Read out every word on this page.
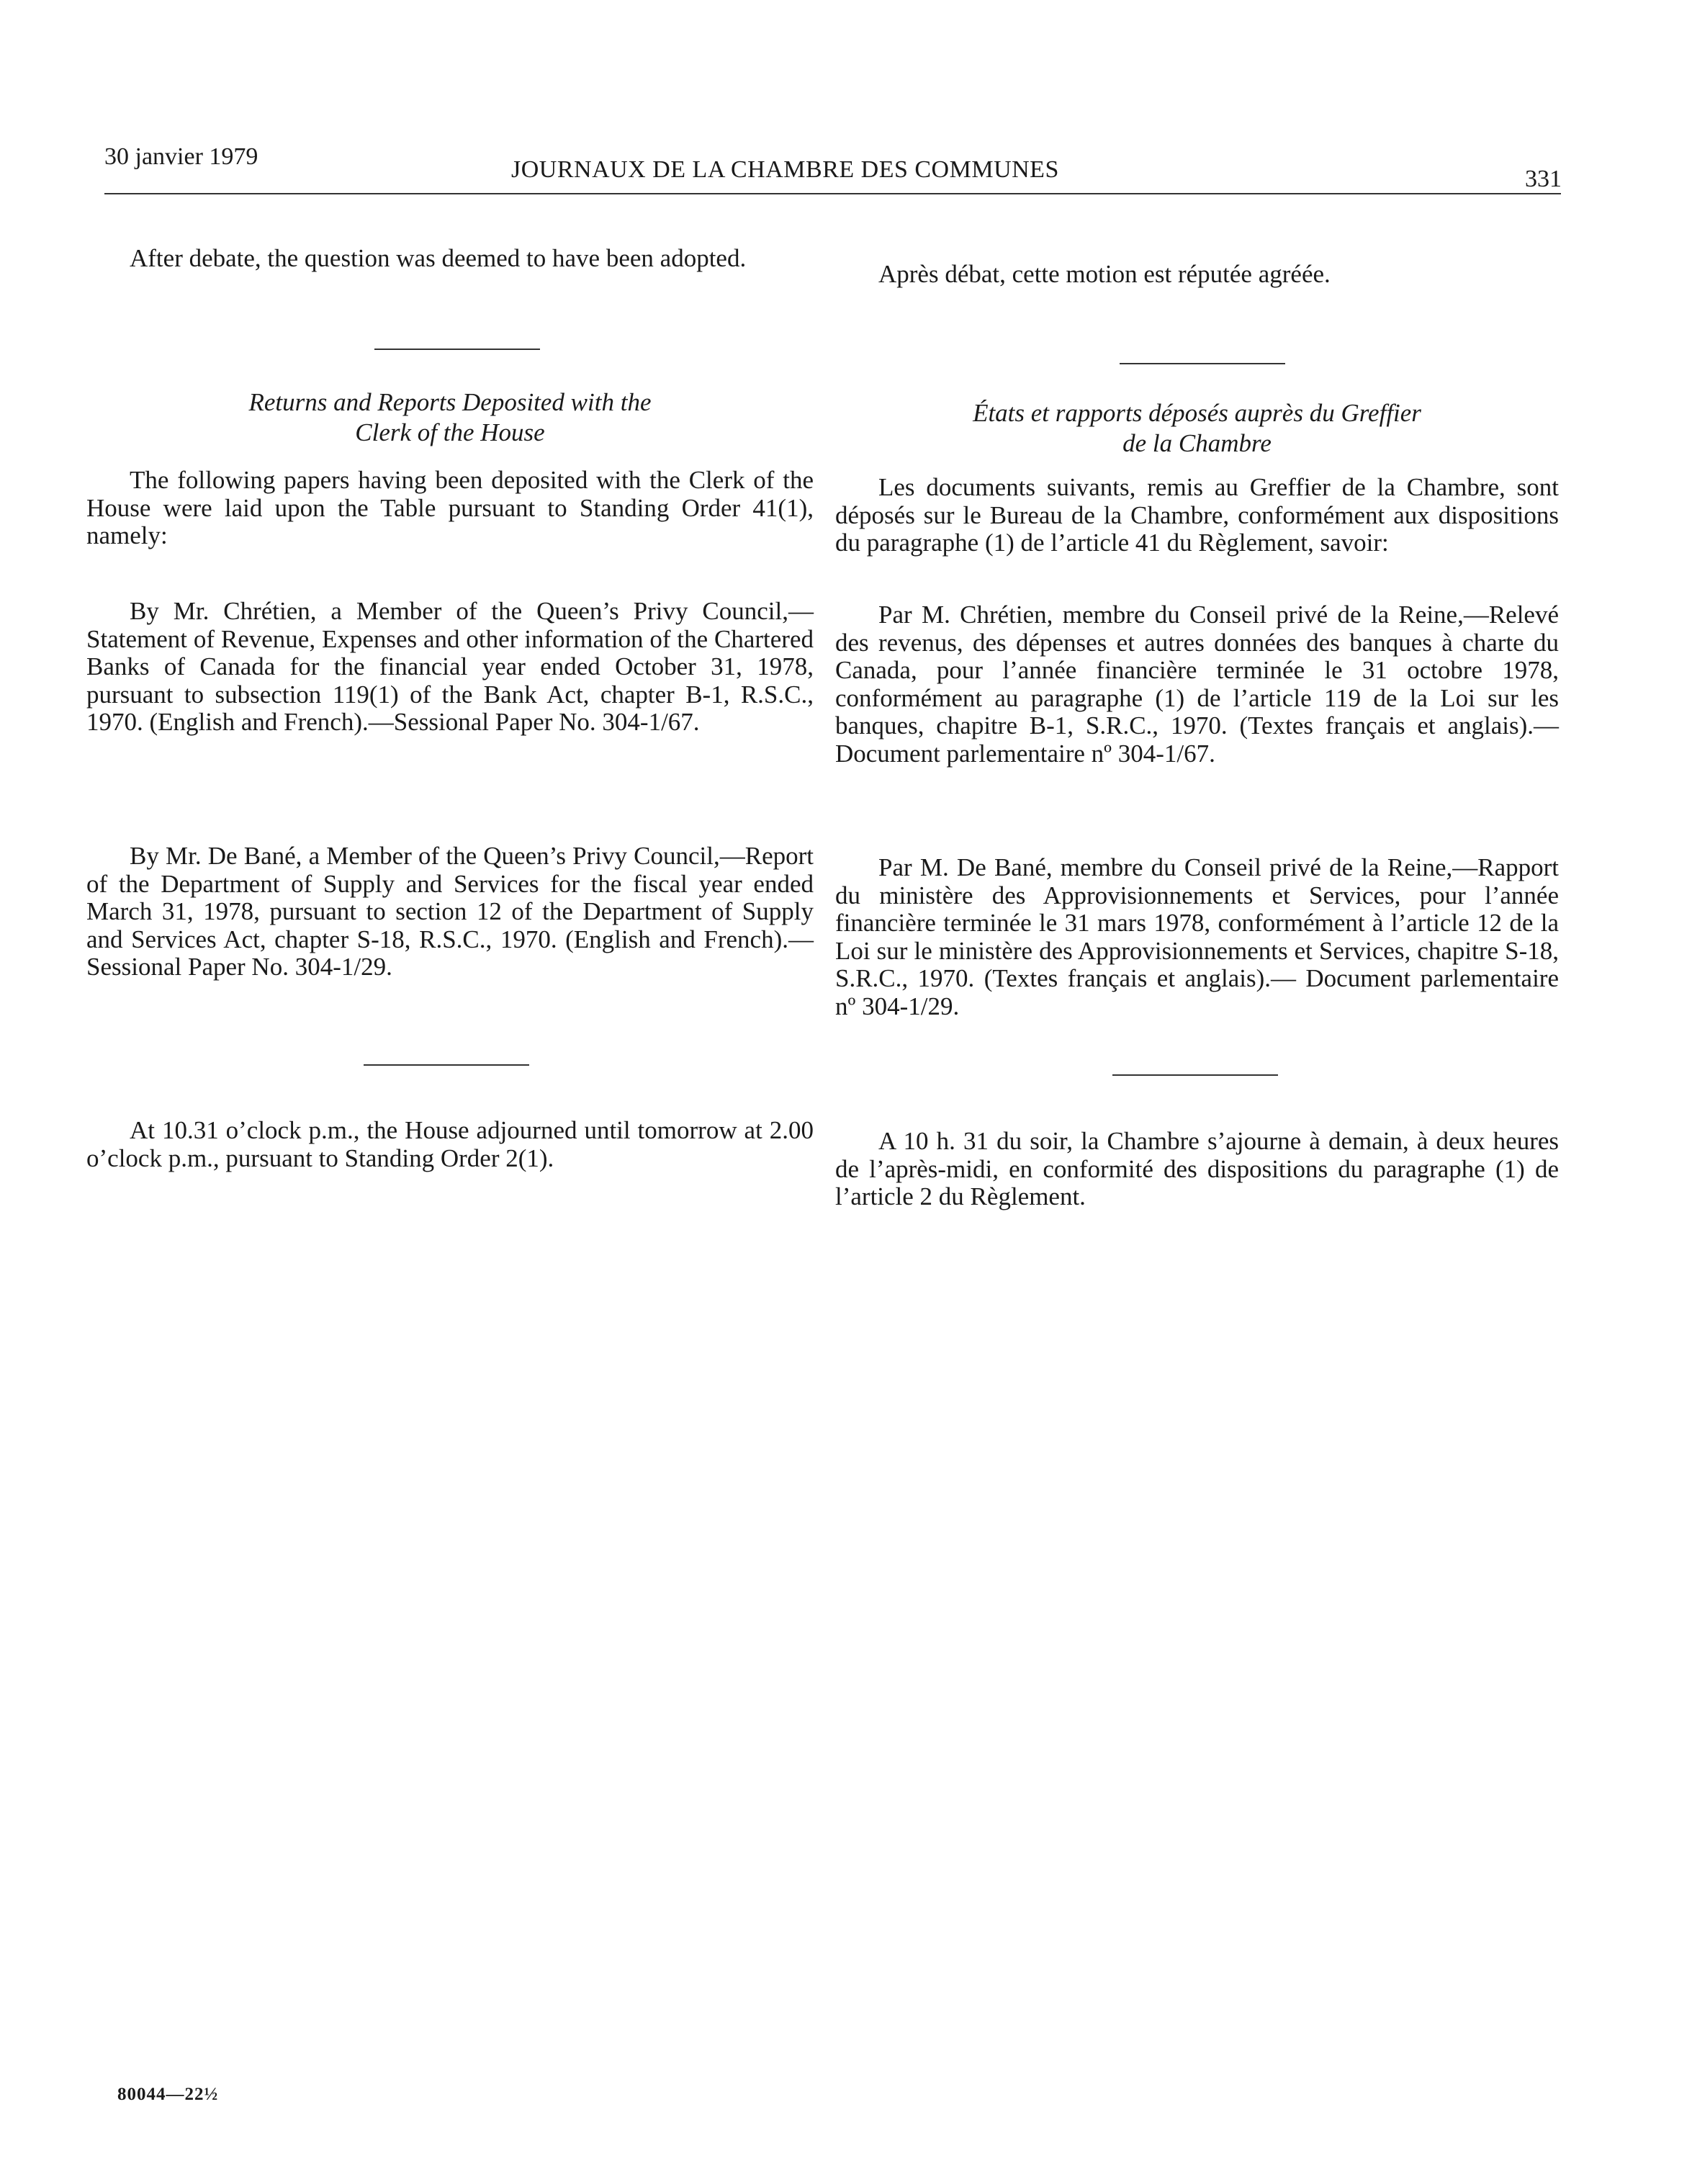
30 janvier 1979	JOURNAUX DE LA CHAMBRE DES COMMUNES	331

After debate, the question was deemed to have been adopted.

Returns and Reports Deposited with the
Clerk of the House

The following papers having been deposited with the Clerk of the House were laid upon the Table pursuant to Standing Order 41(1), namely:

By Mr. Chrétien, a Member of the Queen’s Privy Council,—Statement of Revenue, Expenses and other information of the Chartered Banks of Canada for the financial year ended October 31, 1978, pursuant to subsection 119(1) of the Bank Act, chapter B-1, R.S.C., 1970. (English and French).—Sessional Paper No. 304-1/67.

By Mr. De Bané, a Member of the Queen’s Privy Council,—Report of the Department of Supply and Services for the fiscal year ended March 31, 1978, pursuant to section 12 of the Department of Supply and Services Act, chapter S-18, R.S.C., 1970. (English and French).—Sessional Paper No. 304-1/29.

At 10.31 o’clock p.m., the House adjourned until tomorrow at 2.00 o’clock p.m., pursuant to Standing Order 2(1).

Après débat, cette motion est réputée agréée.

États et rapports déposés auprès du Greffier
de la Chambre

Les documents suivants, remis au Greffier de la Chambre, sont déposés sur le Bureau de la Chambre, conformément aux dispositions du paragraphe (1) de l’article 41 du Règlement, savoir:

Par M. Chrétien, membre du Conseil privé de la Reine,—Relevé des revenus, des dépenses et autres données des banques à charte du Canada, pour l’année financière terminée le 31 octobre 1978, conformément au paragraphe (1) de l’article 119 de la Loi sur les banques, chapitre B-1, S.R.C., 1970. (Textes français et anglais).—Document parlementaire nº 304-1/67.

Par M. De Bané, membre du Conseil privé de la Reine,—Rapport du ministère des Approvisionnements et Services, pour l’année financière terminée le 31 mars 1978, conformément à l’article 12 de la Loi sur le ministère des Approvisionnements et Services, chapitre S-18, S.R.C., 1970. (Textes français et anglais).— Document parlementaire nº 304-1/29.

A 10 h. 31 du soir, la Chambre s’ajourne à demain, à deux heures de l’après-midi, en conformité des dispositions du paragraphe (1) de l’article 2 du Règlement.

80044—22½
